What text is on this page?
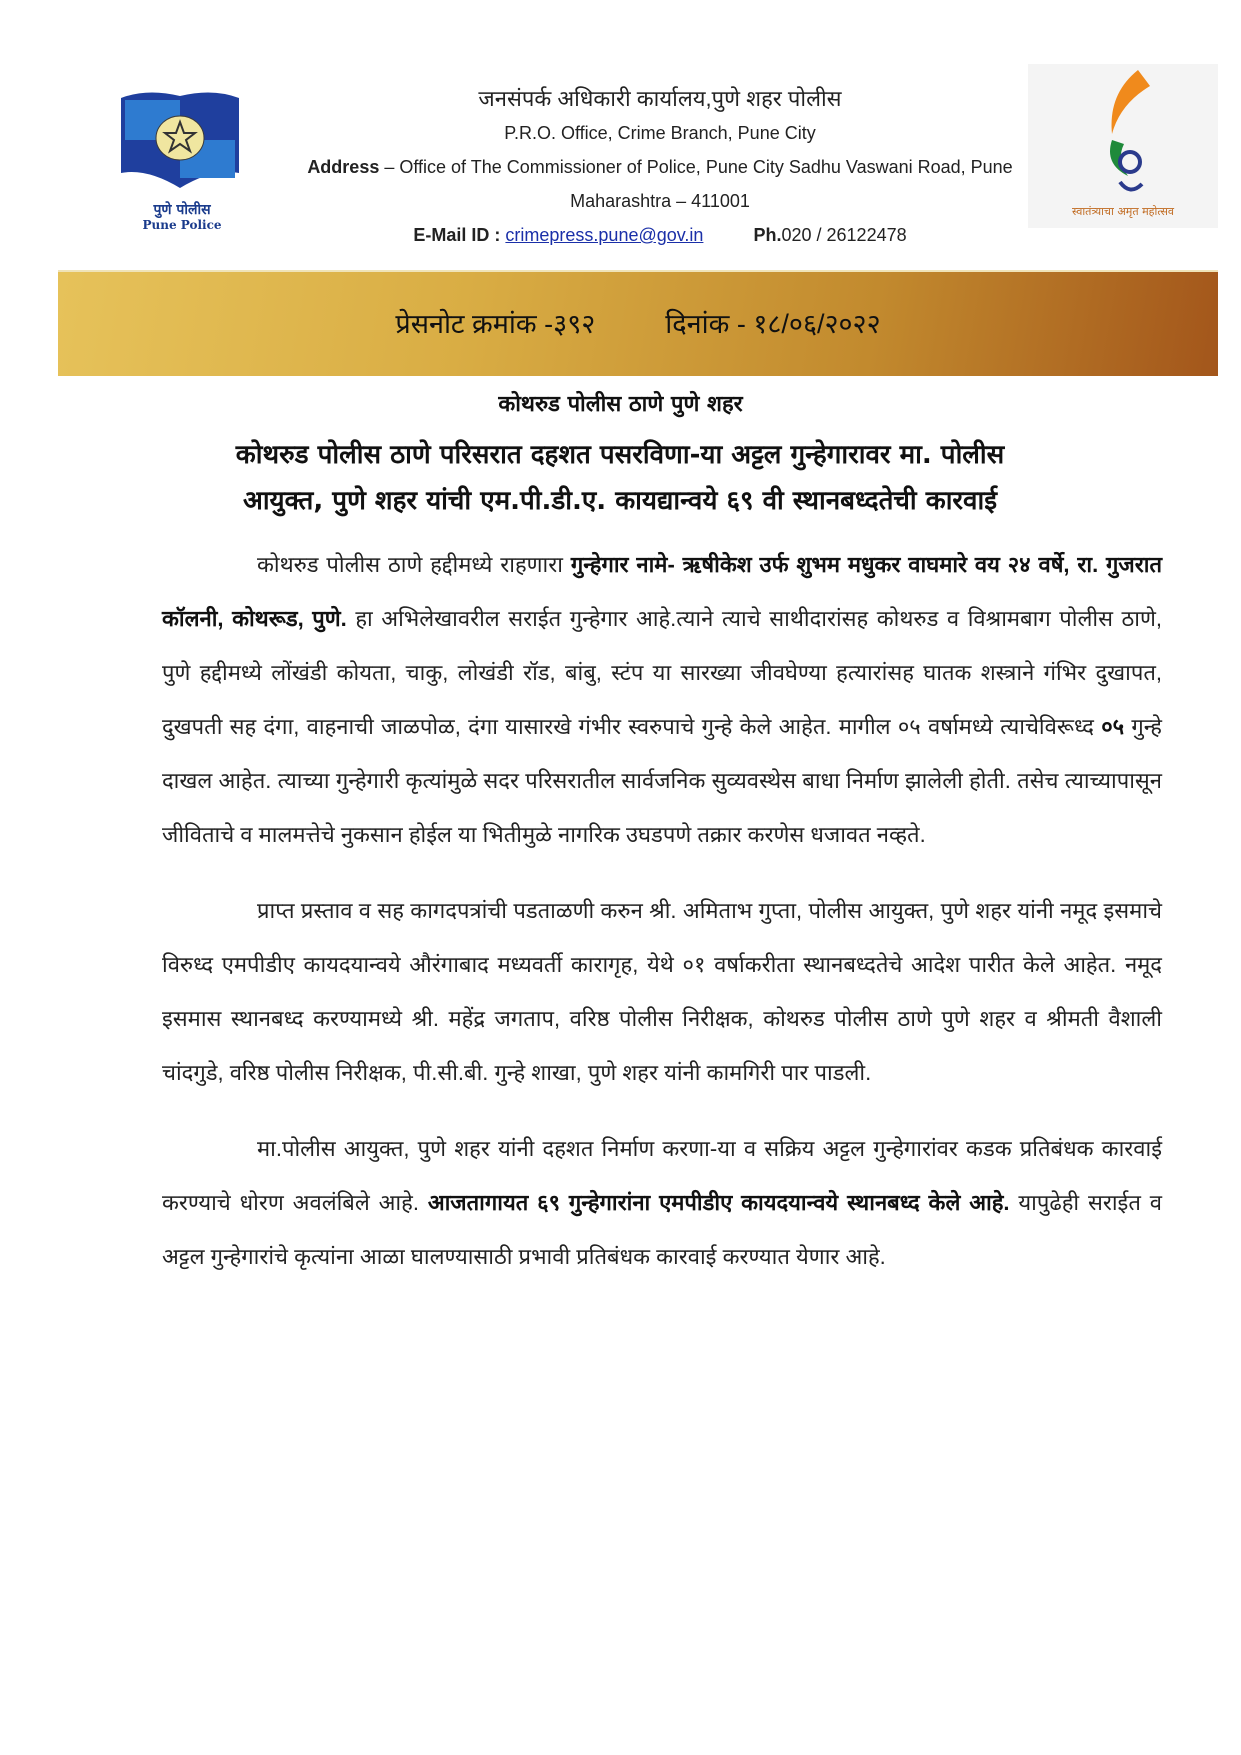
पुणे पोलीस
Pune Police
जनसंपर्क अधिकारी कार्यालय,पुणे शहर पोलीस
P.R.O. Office, Crime Branch, Pune City
Address – Office of The Commissioner of Police, Pune City Sadhu Vaswani Road, Pune
Maharashtra – 411001
E-Mail ID : crimepress.pune@gov.in	Ph.020 / 26122478
स्वातंत्र्याचा अमृत महोत्सव
प्रेसनोट क्रमांक -३९२	दिनांक - १८/०६/२०२२
कोथरुड पोलीस ठाणे पुणे शहर
कोथरुड पोलीस ठाणे परिसरात दहशत पसरविणा-या अट्टल गुन्हेगारावर मा. पोलीस
आयुक्त, पुणे शहर यांची एम.पी.डी.ए. कायद्यान्वये ६९ वी स्थानबध्दतेची कारवाई

कोथरुड पोलीस ठाणे हद्दीमध्ये राहणारा गुन्हेगार नामे- ऋषीकेश उर्फ शुभम मधुकर वाघमारे वय २४ वर्षे, रा. गुजरात कॉलनी, कोथरूड, पुणे. हा अभिलेखावरील सराईत गुन्हेगार आहे.त्याने त्याचे साथीदारांसह कोथरुड व विश्रामबाग पोलीस ठाणे, पुणे हद्दीमध्ये लोंखंडी कोयता, चाकु, लोखंडी रॉड, बांबु, स्टंप या सारख्या जीवघेण्या हत्यारांसह घातक शस्त्राने गंभिर दुखापत, दुखपती सह दंगा, वाहनाची जाळपोळ, दंगा यासारखे गंभीर स्वरुपाचे गुन्हे केले आहेत. मागील ०५ वर्षामध्ये त्याचेविरूध्द ०५ गुन्हे दाखल आहेत. त्याच्या गुन्हेगारी कृत्यांमुळे सदर परिसरातील सार्वजनिक सुव्यवस्थेस बाधा निर्माण झालेली होती. तसेच त्याच्यापासून जीविताचे व मालमत्तेचे नुकसान होईल या भितीमुळे नागरिक उघडपणे तक्रार करणेस धजावत नव्हते.

प्राप्त प्रस्ताव व सह कागदपत्रांची पडताळणी करुन श्री. अमिताभ गुप्ता, पोलीस आयुक्त, पुणे शहर यांनी नमूद इसमाचे विरुध्द एमपीडीए कायदयान्वये औरंगाबाद मध्यवर्ती कारागृह, येथे ०१ वर्षाकरीता स्थानबध्दतेचे आदेश पारीत केले आहेत. नमूद इसमास स्थानबध्द करण्यामध्ये श्री. महेंद्र जगताप, वरिष्ठ पोलीस निरीक्षक, कोथरुड पोलीस ठाणे पुणे शहर व श्रीमती वैशाली चांदगुडे, वरिष्ठ पोलीस निरीक्षक, पी.सी.बी. गुन्हे शाखा, पुणे शहर यांनी कामगिरी पार पाडली.

मा.पोलीस आयुक्त, पुणे शहर यांनी दहशत निर्माण करणा-या व सक्रिय अट्टल गुन्हेगारांवर कडक प्रतिबंधक कारवाई करण्याचे धोरण अवलंबिले आहे. आजतागायत ६९ गुन्हेगारांना एमपीडीए कायदयान्वये स्थानबध्द केले आहे. यापुढेही सराईत व अट्टल गुन्हेगारांचे कृत्यांना आळा घालण्यासाठी प्रभावी प्रतिबंधक कारवाई करण्यात येणार आहे.
